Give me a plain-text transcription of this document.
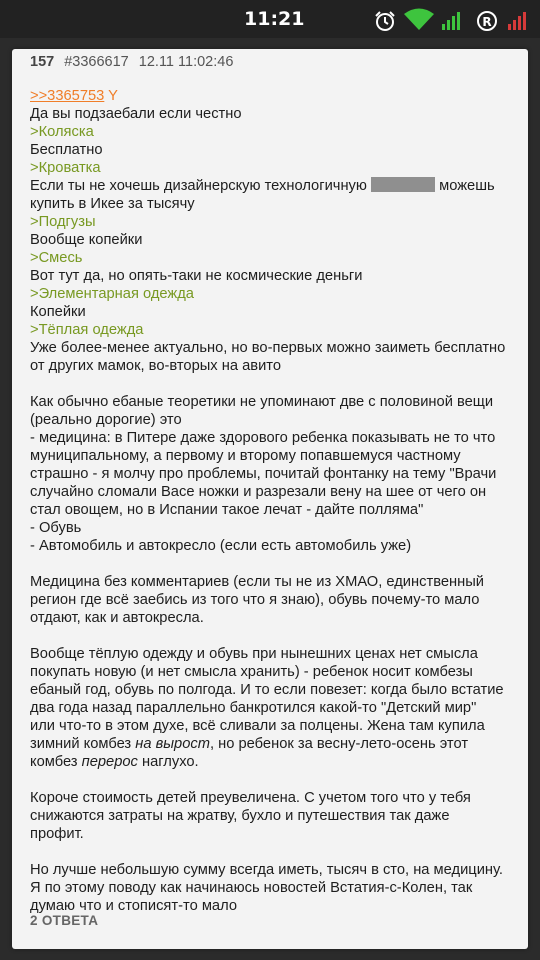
11:21	R
157 #3366617 12.11 11:02:46
>>3365753 Y
Да вы подзаебали если честно
>Коляска
Бесплатно
>Кроватка
Если ты не хочешь дизайнерскую технологичную	можешь
купить в Икее за тысячу
>Подгузы
Вообще копейки
>Смесь
Вот тут да, но опять-таки не космические деньги
>Элементарная одежда
Копейки
>Тёплая одежда
Уже более-менее актуально, но во-первых можно заиметь бесплатно
от других мамок, во-вторых на авито
Как обычно ебаные теоретики не упоминают две с половиной вещи
(реально дорогие) это
- медицина: в Питере даже здорового ребенка показывать не то что
муниципальному, а первому и второму попавшемуся частному
страшно - я молчу про проблемы, почитай фонтанку на тему "Врачи
случайно сломали Васе ножки и разрезали вену на шее от чего он
стал овощем, но в Испании такое лечат - дайте полляма"
- Обувь
- Автомобиль и автокресло (если есть автомобиль уже)
Медицина без комментариев (если ты не из ХМАО, единственный
регион где всё заебись из того что я знаю), обувь почему-то мало
отдают, как и автокресла.
Вообще тёплую одежду и обувь при нынешних ценах нет смысла
покупать новую (и нет смысла хранить) - ребенок носит комбезы
ебаный год, обувь по полгода. И то если повезет: когда было встатие
два года назад параллельно банкротился какой-то "Детский мир"
или что-то в этом духе, всё сливали за полцены. Жена там купила
зимний комбез на вырост, но ребенок за весну-лето-осень этот
комбез перерос наглухо.
Короче стоимость детей преувеличена. С учетом того что у тебя
снижаются затраты на жратву, бухло и путешествия так даже
профит.
Но лучше небольшую сумму всегда иметь, тысяч в сто, на медицину.
Я по этому поводу как начинаюсь новостей Встатия-с-Колен, так
думаю что и стописят-то мало
2 ОТВЕТА
